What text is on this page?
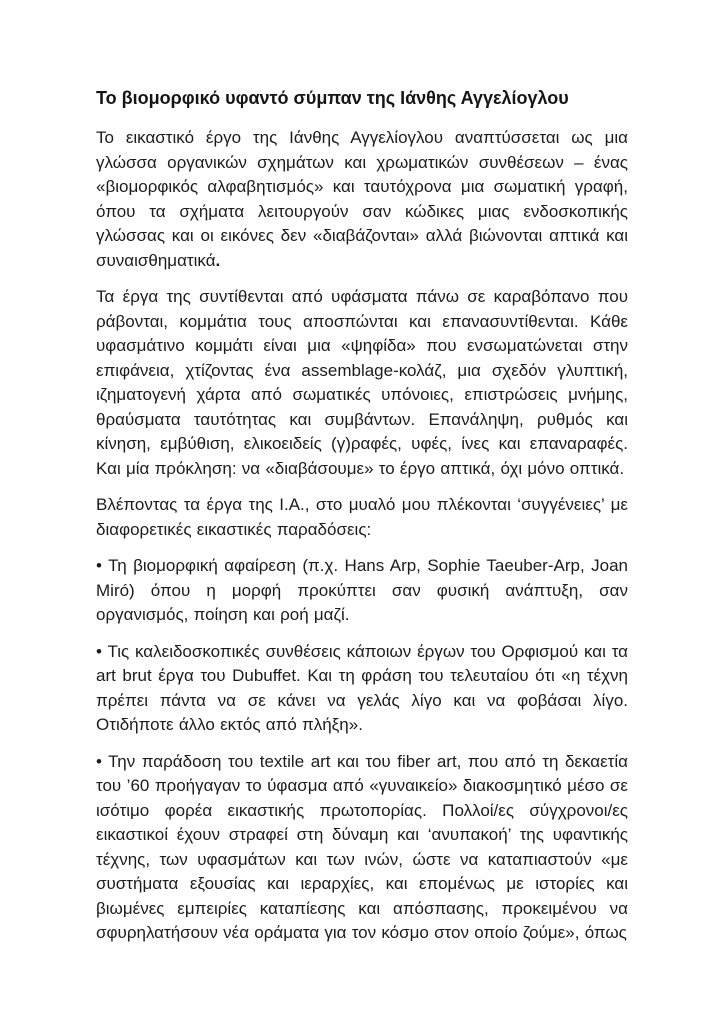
Το βιομορφικό υφαντό σύμπαν της Ιάνθης Αγγελίογλου

Το εικαστικό έργο της Ιάνθης Αγγελίογλου αναπτύσσεται ως μια γλώσσα οργανικών σχημάτων και χρωματικών συνθέσεων – ένας «βιομορφικός αλφαβητισμός» και ταυτόχρονα μια σωματική γραφή, όπου τα σχήματα λειτουργούν σαν κώδικες μιας ενδοσκοπικής γλώσσας και οι εικόνες δεν «διαβάζονται» αλλά βιώνονται απτικά και συναισθηματικά.

Τα έργα της συντίθενται από υφάσματα πάνω σε καραβόπανο που ράβονται, κομμάτια τους αποσπώνται και επανασυντίθενται. Κάθε υφασμάτινο κομμάτι είναι μια «ψηφίδα» που ενσωματώνεται στην επιφάνεια, χτίζοντας ένα assemblage-κολάζ, μια σχεδόν γλυπτική, ιζηματογενή χάρτα από σωματικές υπόνοιες, επιστρώσεις μνήμης, θραύσματα ταυτότητας και συμβάντων. Επανάληψη, ρυθμός και κίνηση, εμβύθιση, ελικοειδείς (γ)ραφές, υφές, ίνες και επαναραφές. Και μία πρόκληση: να «διαβάσουμε» το έργο απτικά, όχι μόνο οπτικά.

Βλέποντας τα έργα της Ι.Α., στο μυαλό μου πλέκονται ‘συγγένειες’ με διαφορετικές εικαστικές παραδόσεις:

• Τη βιομορφική αφαίρεση (π.χ. Hans Arp, Sophie Taeuber-Arp, Joan Miró) όπου η μορφή προκύπτει σαν φυσική ανάπτυξη, σαν οργανισμός, ποίηση και ροή μαζί.

• Τις καλειδοσκοπικές συνθέσεις κάποιων έργων του Ορφισμού και τα art brut έργα του Dubuffet. Και τη φράση του τελευταίου ότι «η τέχνη πρέπει πάντα να σε κάνει να γελάς λίγο και να φοβάσαι λίγο. Οτιδήποτε άλλο εκτός από πλήξη».

• Την παράδοση του textile art και του fiber art, που από τη δεκαετία του ’60 προήγαγαν το ύφασμα από «γυναικείο» διακοσμητικό μέσο σε ισότιμο φορέα εικαστικής πρωτοπορίας. Πολλοί/ες σύγχρονοι/ες εικαστικοί έχουν στραφεί στη δύναμη και ‘ανυπακοή’ της υφαντικής τέχνης, των υφασμάτων και των ινών, ώστε να καταπιαστούν «με συστήματα εξουσίας και ιεραρχίες, και επομένως με ιστορίες και βιωμένες εμπειρίες καταπίεσης και απόσπασης, προκειμένου να σφυρηλατήσουν νέα οράματα για τον κόσμο στον οποίο ζούμε», όπως
